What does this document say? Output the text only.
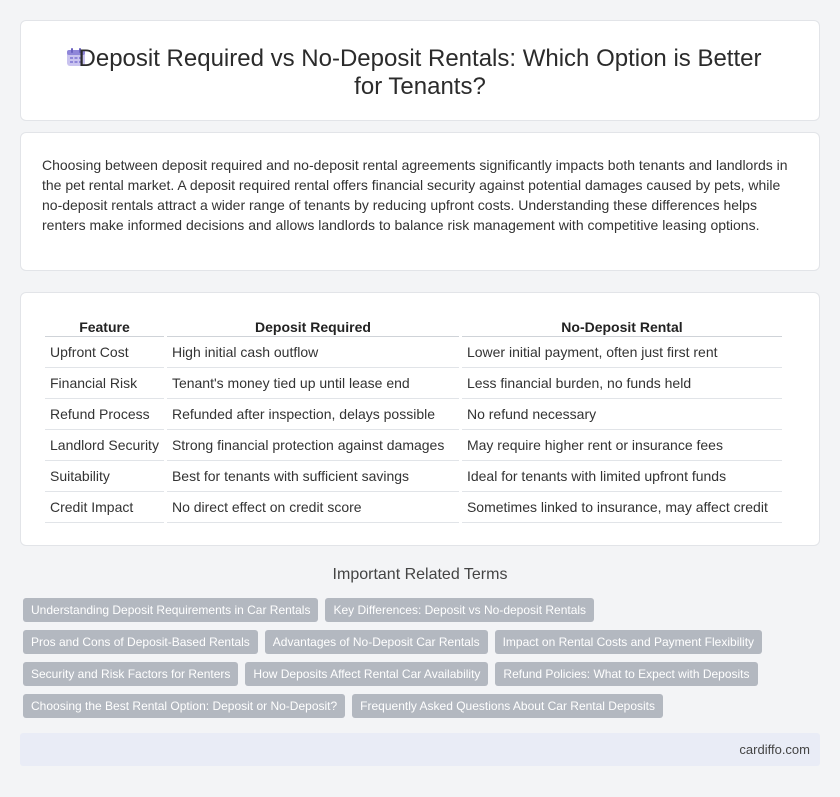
Deposit Required vs No-Deposit Rentals: Which Option is Better for Tenants?

Choosing between deposit required and no-deposit rental agreements significantly impacts both tenants and landlords in the pet rental market. A deposit required rental offers financial security against potential damages caused by pets, while no-deposit rentals attract a wider range of tenants by reducing upfront costs. Understanding these differences helps renters make informed decisions and allows landlords to balance risk management with competitive leasing options.

Feature	Deposit Required	No-Deposit Rental
Upfront Cost	High initial cash outflow	Lower initial payment, often just first rent
Financial Risk	Tenant's money tied up until lease end	Less financial burden, no funds held
Refund Process	Refunded after inspection, delays possible	No refund necessary
Landlord Security	Strong financial protection against damages	May require higher rent or insurance fees
Suitability	Best for tenants with sufficient savings	Ideal for tenants with limited upfront funds
Credit Impact	No direct effect on credit score	Sometimes linked to insurance, may affect credit
Important Related Terms
Understanding Deposit Requirements in Car Rentals	Key Differences: Deposit vs No-deposit Rentals
Pros and Cons of Deposit-Based Rentals	Advantages of No-Deposit Car Rentals	Impact on Rental Costs and Payment Flexibility
Security and Risk Factors for Renters	How Deposits Affect Rental Car Availability	Refund Policies: What to Expect with Deposits
Choosing the Best Rental Option: Deposit or No-Deposit?	Frequently Asked Questions About Car Rental Deposits
cardiffo.com
